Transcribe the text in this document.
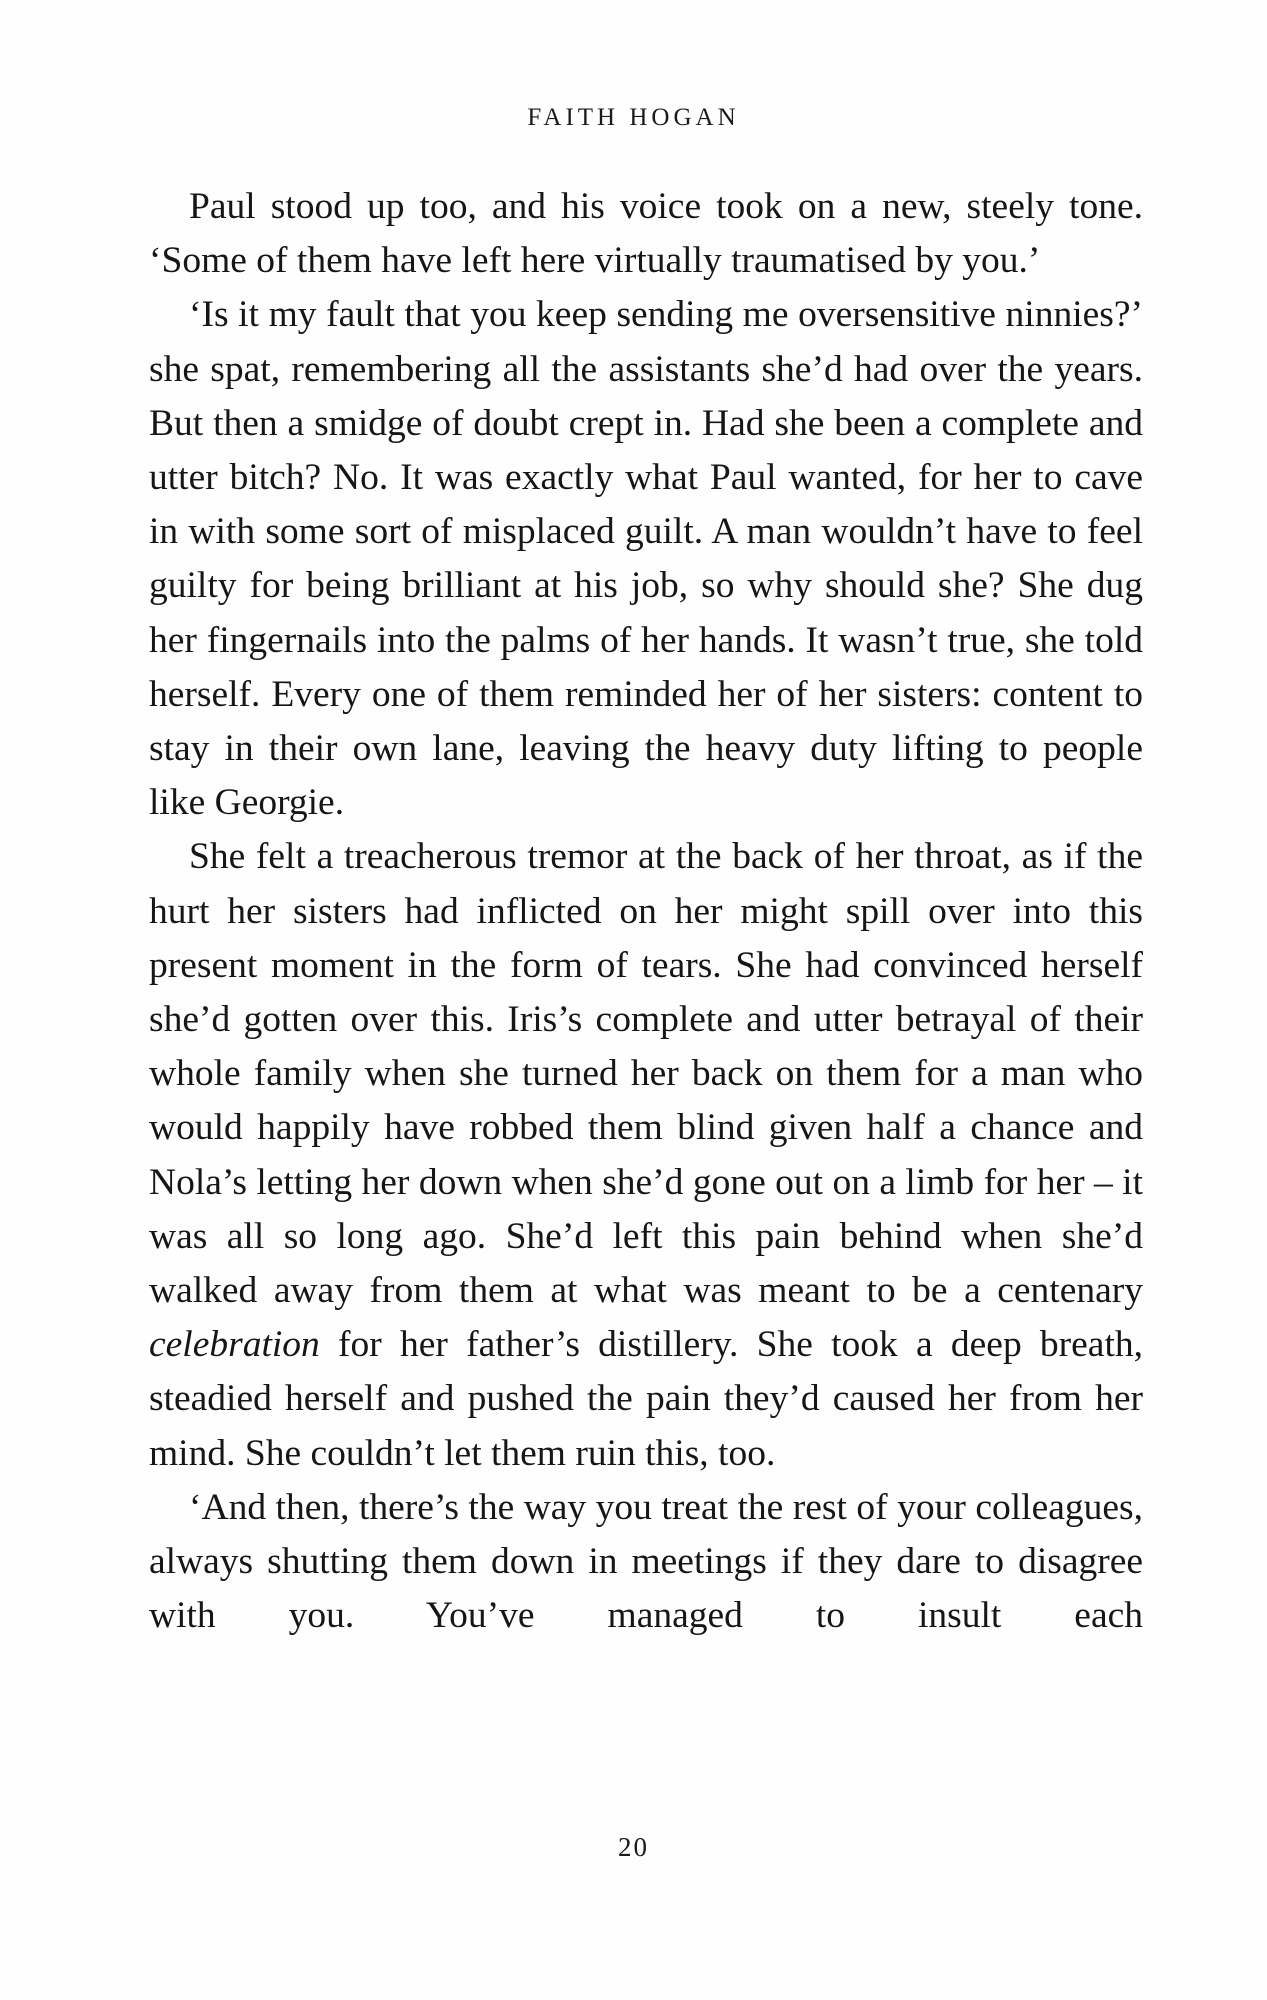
FAITH HOGAN

Paul stood up too, and his voice took on a new, steely tone. ‘Some of them have left here virtually traumatised by you.’

‘Is it my fault that you keep sending me oversensitive ninnies?’ she spat, remembering all the assistants she’d had over the years. But then a smidge of doubt crept in. Had she been a complete and utter bitch? No. It was exactly what Paul wanted, for her to cave in with some sort of misplaced guilt. A man wouldn’t have to feel guilty for being brilliant at his job, so why should she? She dug her fingernails into the palms of her hands. It wasn’t true, she told herself. Every one of them reminded her of her sisters: content to stay in their own lane, leaving the heavy duty lifting to people like Georgie.

She felt a treacherous tremor at the back of her throat, as if the hurt her sisters had inflicted on her might spill over into this present moment in the form of tears. She had convinced herself she’d gotten over this. Iris’s complete and utter betrayal of their whole family when she turned her back on them for a man who would happily have robbed them blind given half a chance and Nola’s letting her down when she’d gone out on a limb for her – it was all so long ago. She’d left this pain behind when she’d walked away from them at what was meant to be a centenary celebration for her father’s distillery. She took a deep breath, steadied herself and pushed the pain they’d caused her from her mind. She couldn’t let them ruin this, too.

‘And then, there’s the way you treat the rest of your colleagues, always shutting them down in meetings if they dare to disagree with you. You’ve managed to insult each

20
